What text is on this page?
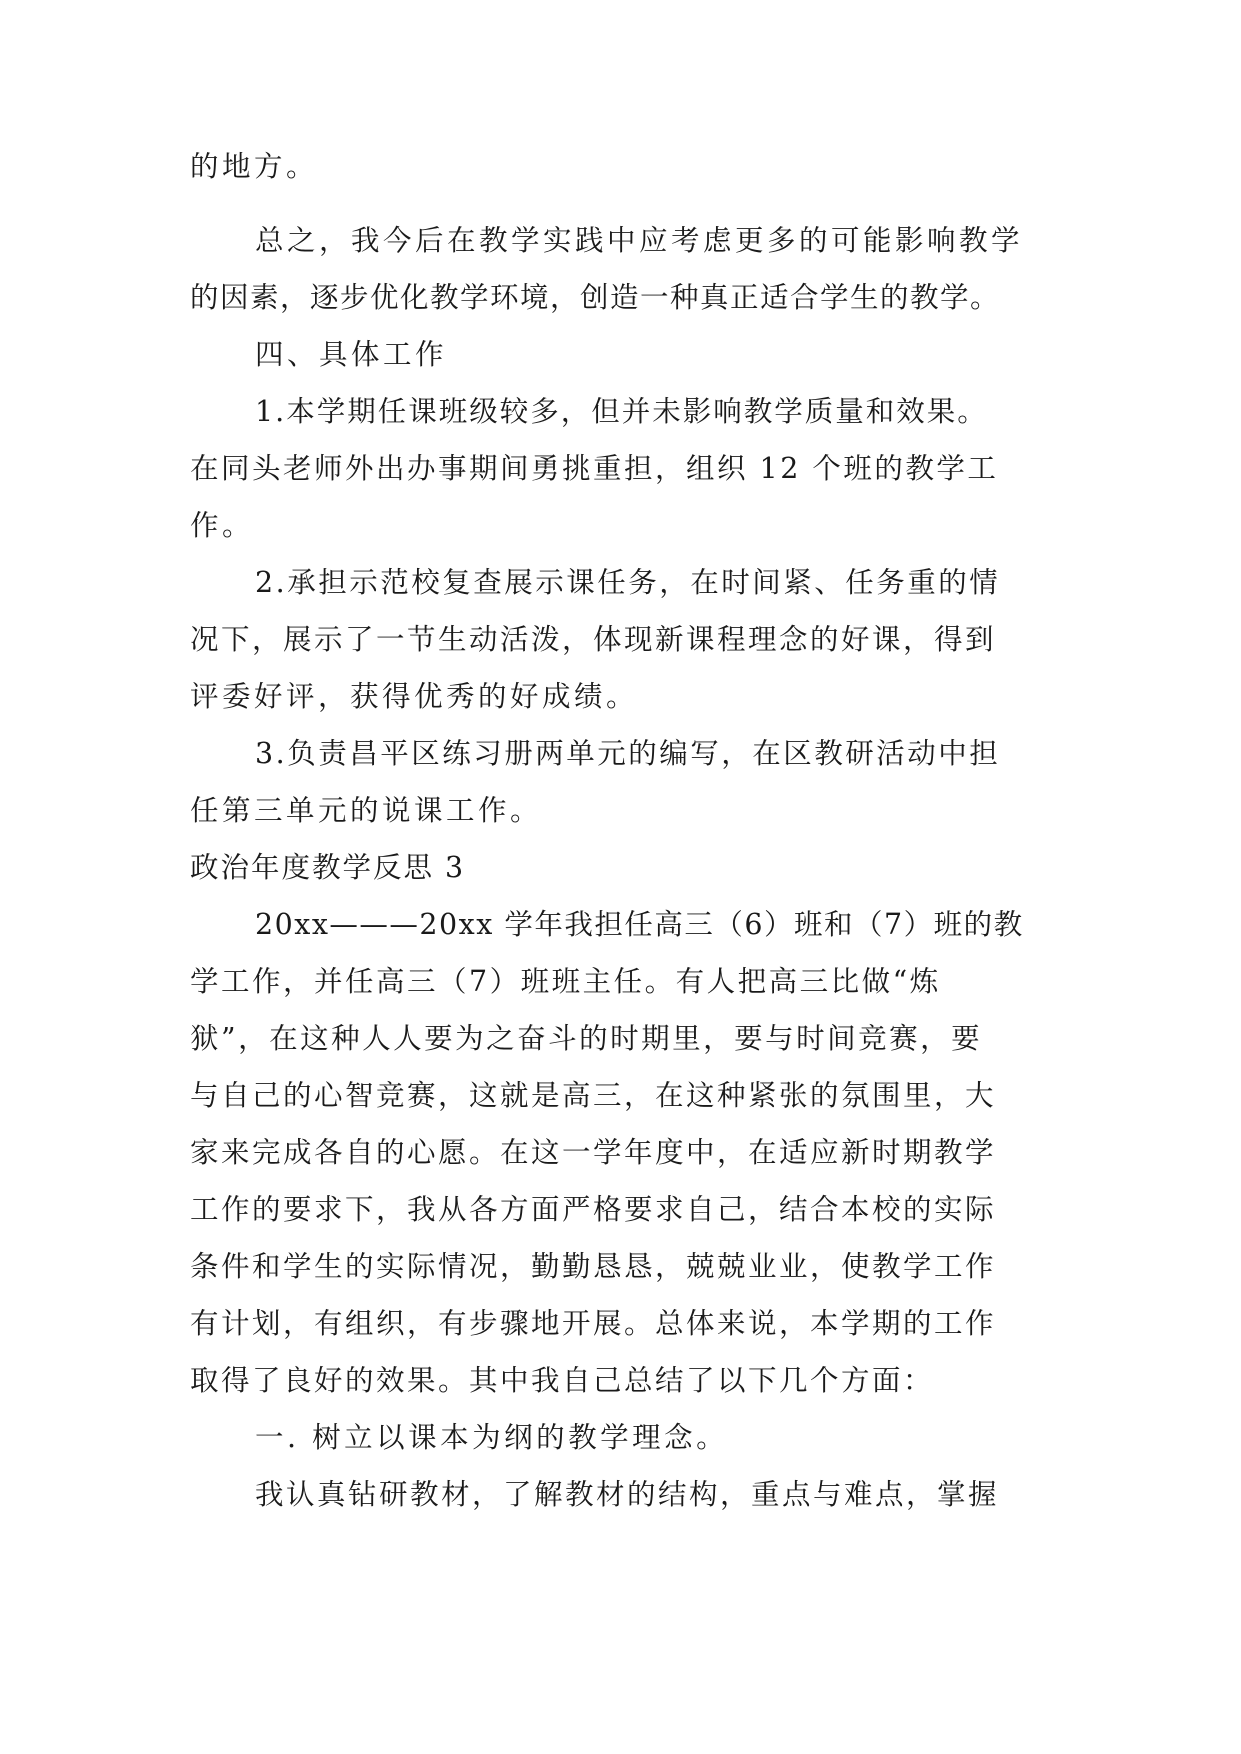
的地方。
总之，我今后在教学实践中应考虑更多的可能影响教学
的因素，逐步优化教学环境，创造一种真正适合学生的教学。
四、具体工作
1.本学期任课班级较多，但并未影响教学质量和效果。
在同头老师外出办事期间勇挑重担，组织 12 个班的教学工
作。
2.承担示范校复查展示课任务，在时间紧、任务重的情
况下，展示了一节生动活泼，体现新课程理念的好课，得到
评委好评，获得优秀的好成绩。
3.负责昌平区练习册两单元的编写，在区教研活动中担
任第三单元的说课工作。
政治年度教学反思 3
20xx———20xx 学年我担任高三（6）班和（7）班的教
学工作，并任高三（7）班班主任。有人把高三比做“炼
狱”，在这种人人要为之奋斗的时期里，要与时间竞赛，要
与自己的心智竞赛，这就是高三，在这种紧张的氛围里，大
家来完成各自的心愿。在这一学年度中，在适应新时期教学
工作的要求下，我从各方面严格要求自己，结合本校的实际
条件和学生的实际情况，勤勤恳恳，兢兢业业，使教学工作
有计划，有组织，有步骤地开展。总体来说，本学期的工作
取得了良好的效果。其中我自己总结了以下几个方面：
一. 树立以课本为纲的教学理念。
我认真钻研教材，了解教材的结构，重点与难点，掌握
